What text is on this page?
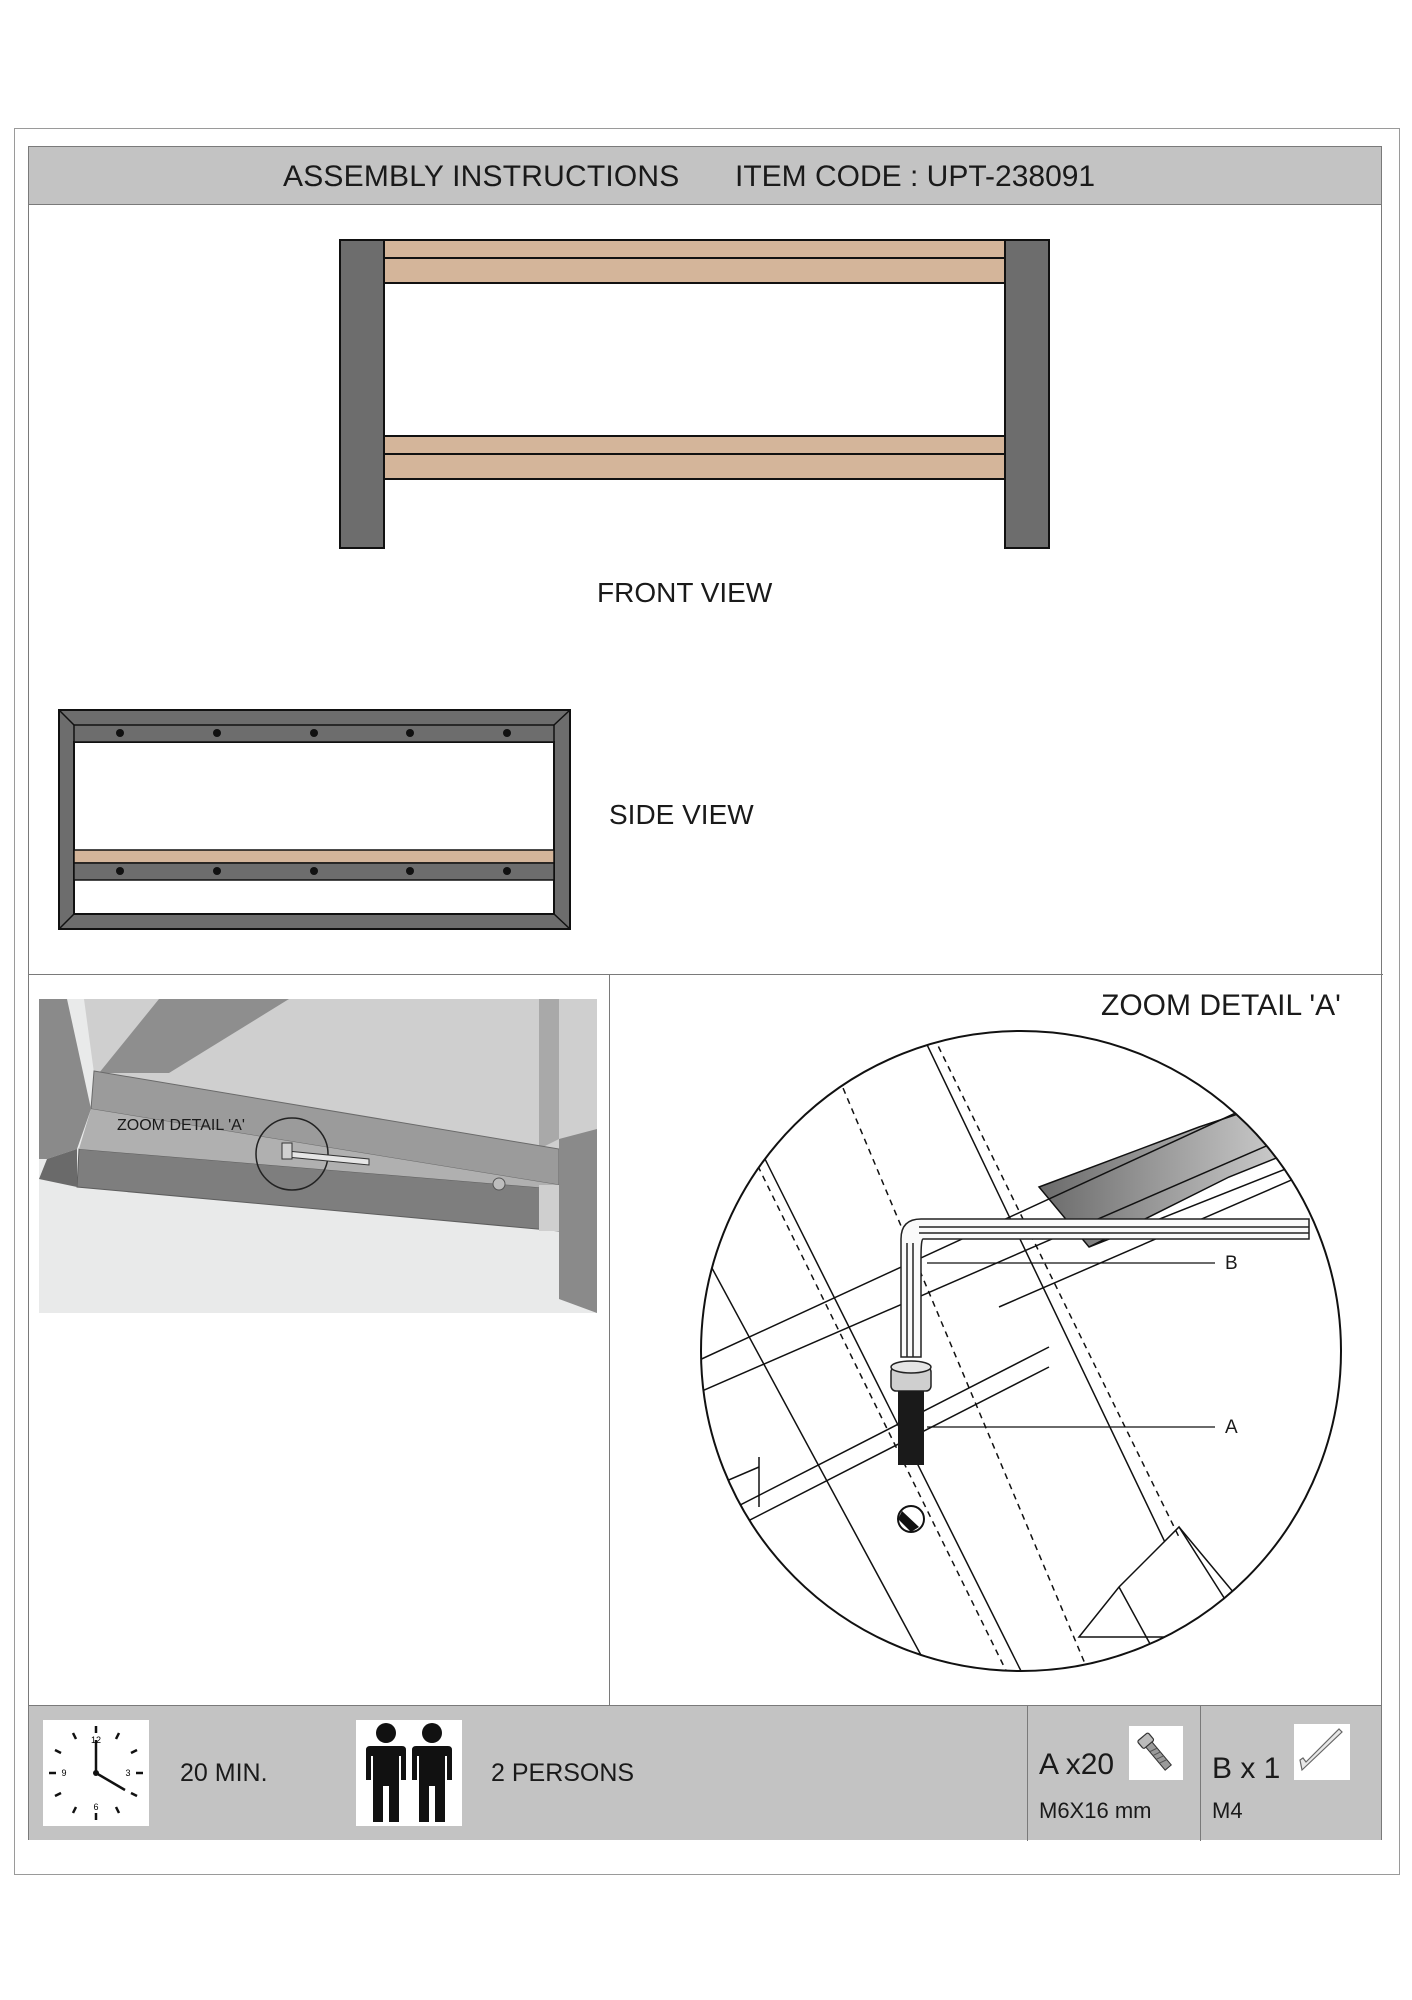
ASSEMBLY INSTRUCTIONS ITEM CODE : UPT-238091
FRONT VIEW
SIDE VIEW
ZOOM DETAIL 'A'
ZOOM DETAIL 'A'
B
A
12
3
6
9	20 MIN.	2 PERSONS	A x20
M6X16 mm
B x 1
M4
